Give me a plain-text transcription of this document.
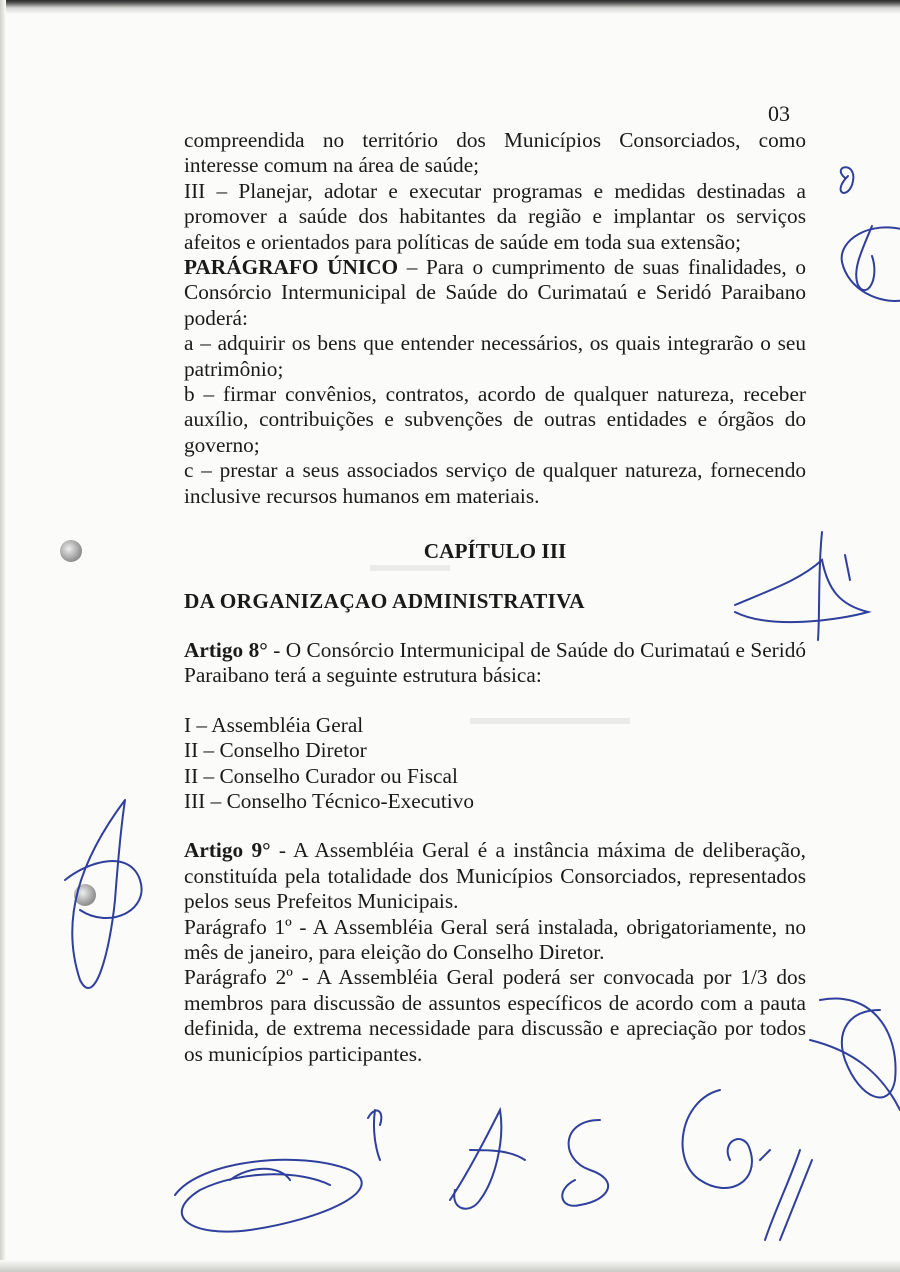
▬▬▬▬
▬▬▬▬▬▬▬▬
03

compreendida no território dos Municípios Consorciados, como interesse comum na área de saúde;

III – Planejar, adotar e executar programas e medidas destinadas a promover a saúde dos habitantes da região e implantar os serviços afeitos e orientados para políticas de saúde em toda sua extensão;

PARÁGRAFO ÚNICO – Para o cumprimento de suas finalidades, o Consórcio Intermunicipal de Saúde do Curimataú e Seridó Paraibano poderá:

a – adquirir os bens que entender necessários, os quais integrarão o seu patrimônio;

b – firmar convênios, contratos, acordo de qualquer natureza, receber auxílio, contribuições e subvenções de outras entidades e órgãos do governo;

c – prestar a seus associados serviço de qualquer natureza, fornecendo inclusive recursos humanos em materiais.

CAPÍTULO III

DA ORGANIZAÇAO ADMINISTRATIVA

Artigo 8° - O Consórcio Intermunicipal de Saúde do Curimataú e Seridó Paraibano terá a seguinte estrutura básica:

I – Assembléia Geral

II – Conselho Diretor

II – Conselho Curador ou Fiscal

III – Conselho Técnico-Executivo

Artigo 9° - A Assembléia Geral é a instância máxima de deliberação, constituída pela totalidade dos Municípios Consorciados, representados pelos seus Prefeitos Municipais.

Parágrafo 1º - A Assembléia Geral será instalada, obrigatoriamente, no mês de janeiro, para eleição do Conselho Diretor.

Parágrafo 2º - A Assembléia Geral poderá ser convocada por 1/3 dos membros para discussão de assuntos específicos de acordo com a pauta definida, de extrema necessidade para discussão e apreciação por todos os municípios participantes.
